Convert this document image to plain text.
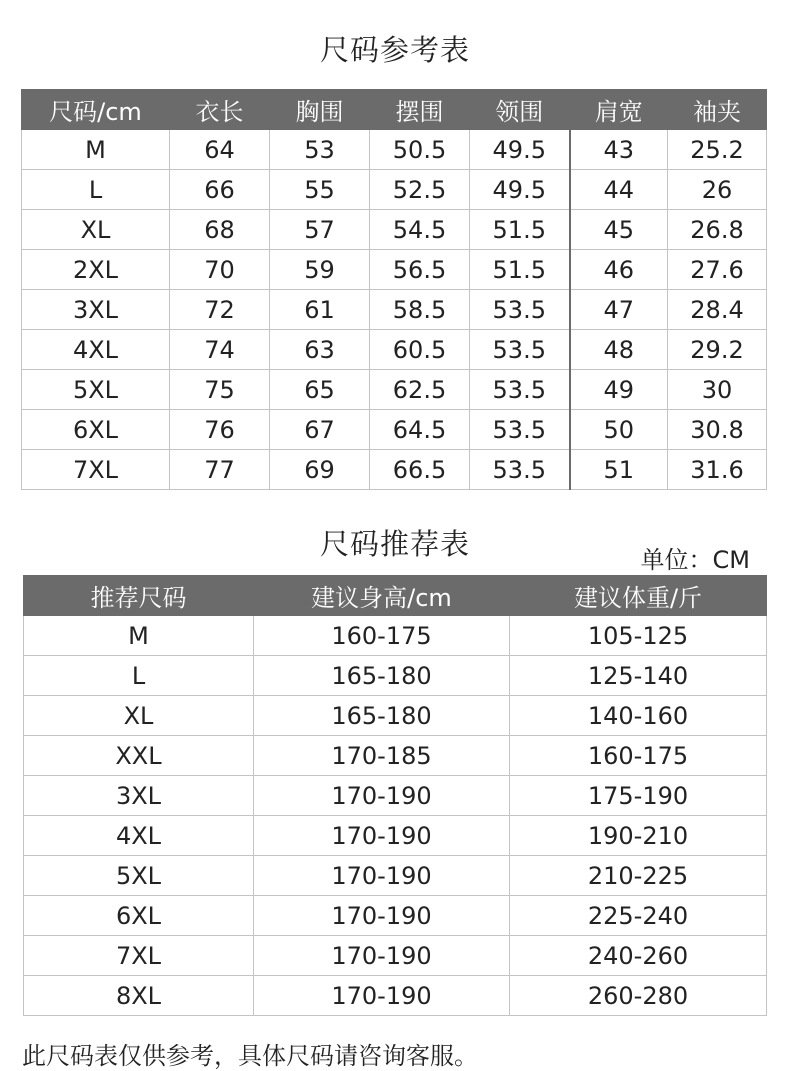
尺码参考表
尺码/cm	衣长	胸围	摆围	领围	肩宽	袖夹
M	64	53	50.5	49.5	43	25.2
L	66	55	52.5	49.5	44	26
XL	68	57	54.5	51.5	45	26.8
2XL	70	59	56.5	51.5	46	27.6
3XL	72	61	58.5	53.5	47	28.4
4XL	74	63	60.5	53.5	48	29.2
5XL	75	65	62.5	53.5	49	30
6XL	76	67	64.5	53.5	50	30.8
7XL	77	69	66.5	53.5	51	31.6
尺码推荐表	单位：CM
推荐尺码	建议身高/cm	建议体重/斤
M	160-175	105-125
L	165-180	125-140
XL	165-180	140-160
XXL	170-185	160-175
3XL	170-190	175-190
4XL	170-190	190-210
5XL	170-190	210-225
6XL	170-190	225-240
7XL	170-190	240-260
8XL	170-190	260-280
此尺码表仅供参考，具体尺码请咨询客服。
